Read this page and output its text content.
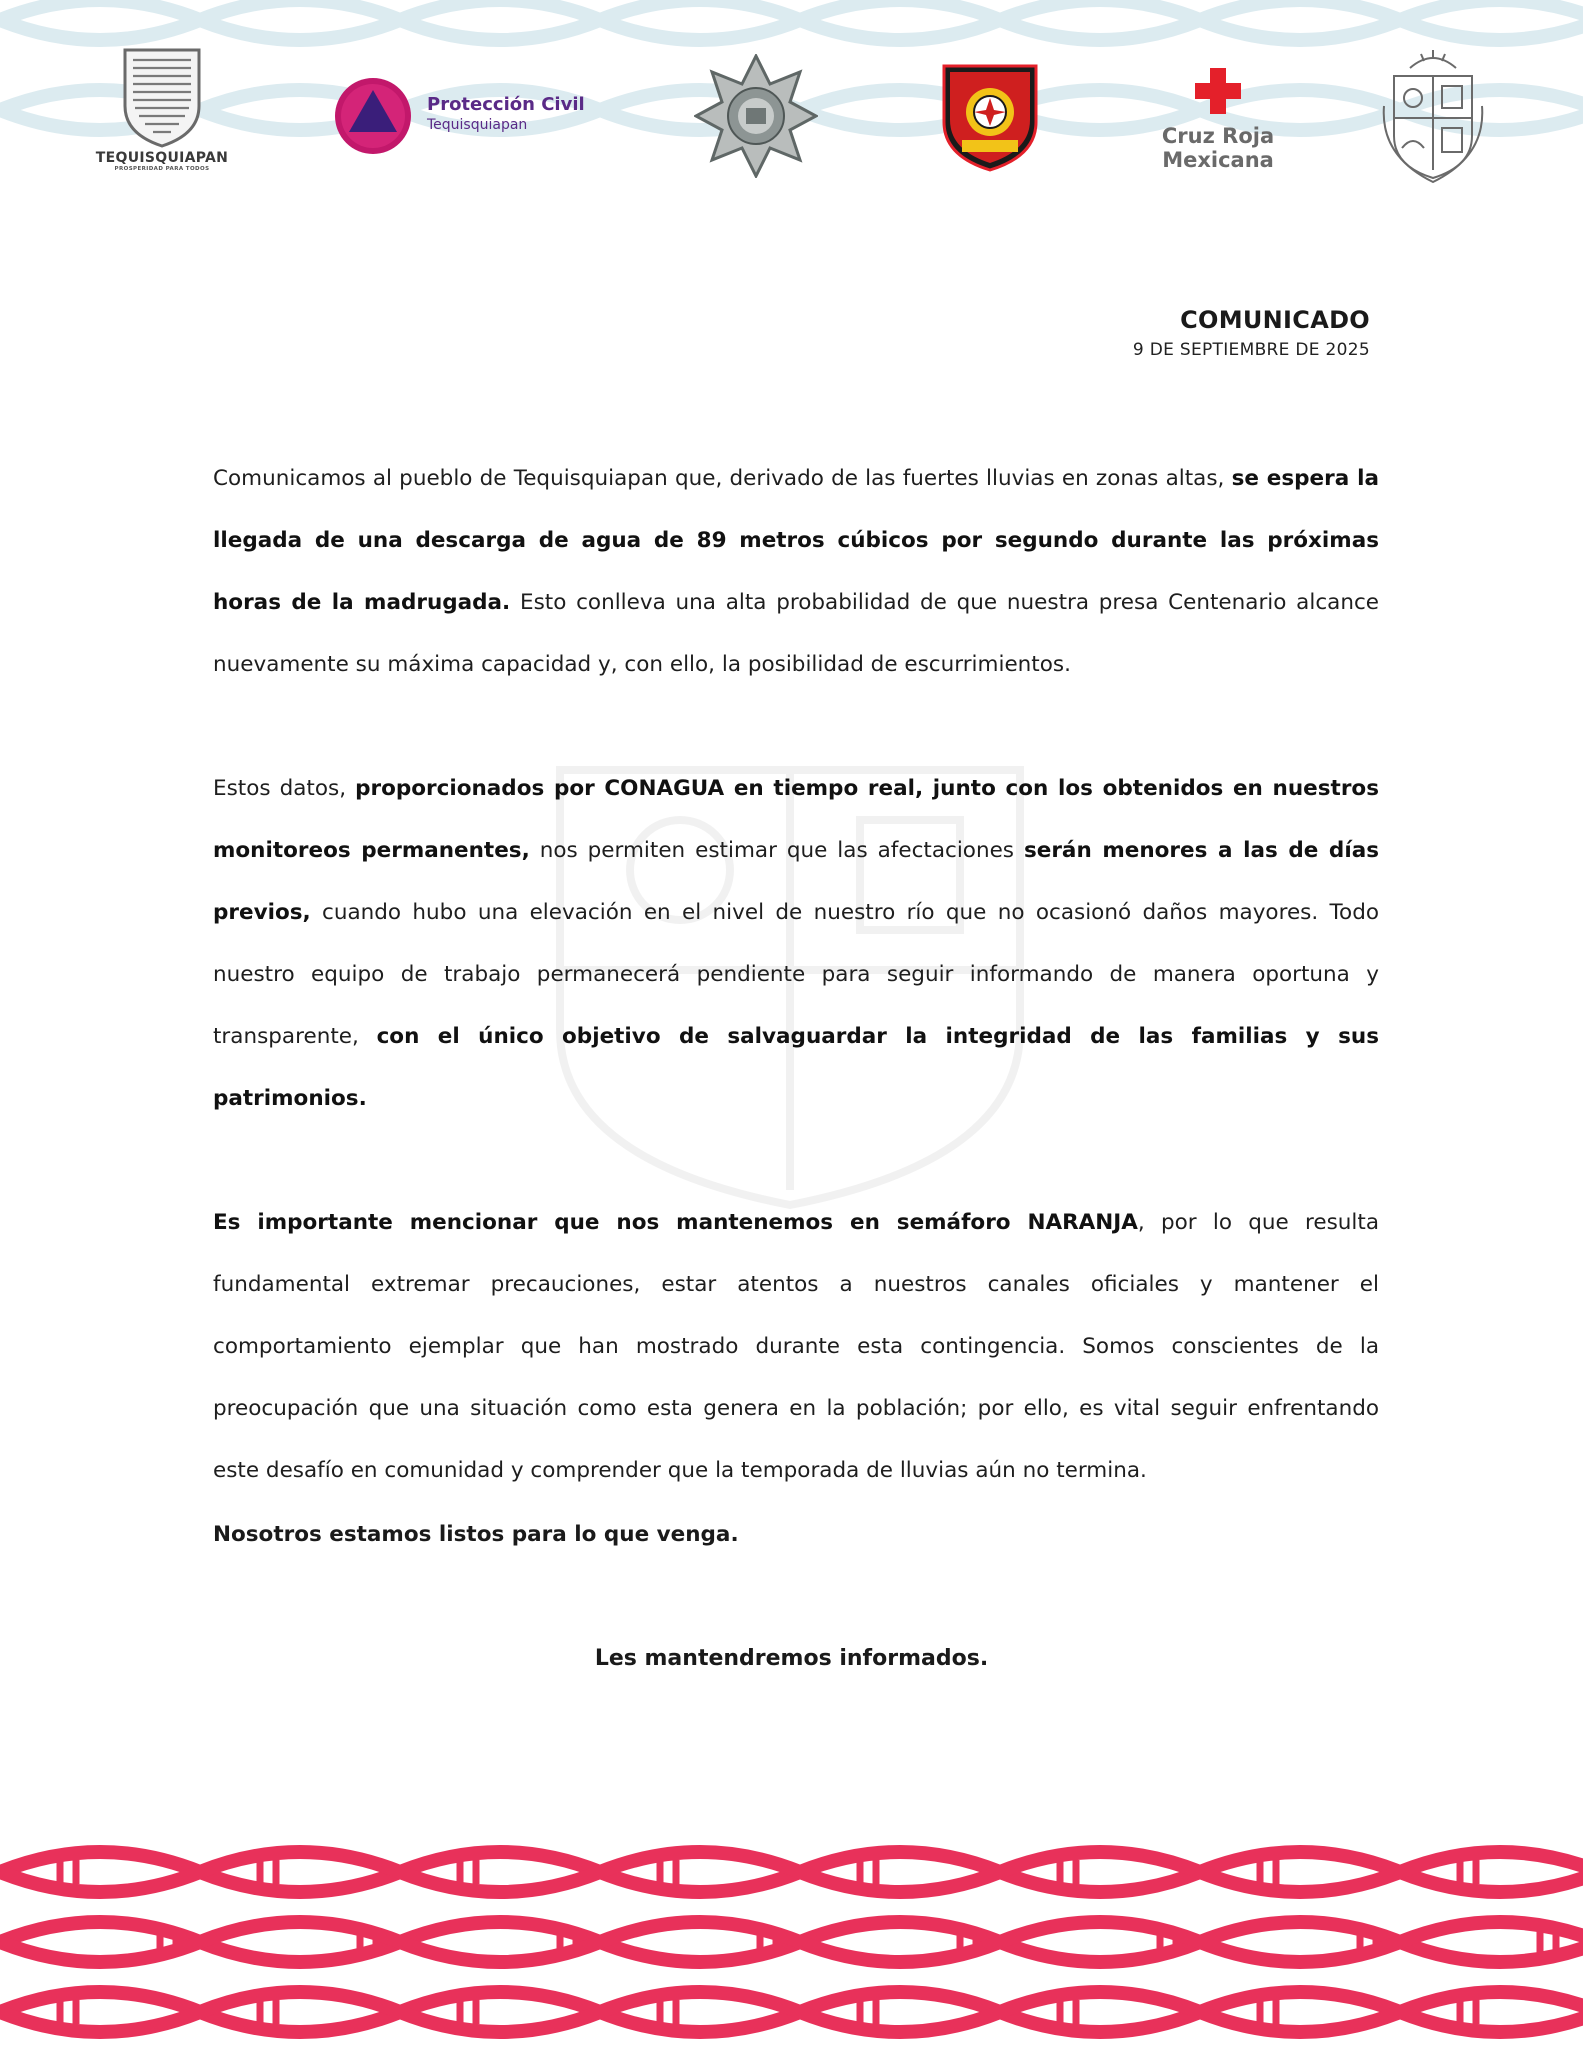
TEQUISQUIAPAN
PROSPERIDAD PARA TODOS
Protección Civil
Tequisquiapan	Cruz Roja
Mexicana
COMUNICADO
9 DE SEPTIEMBRE DE 2025
Comunicamos al pueblo de Tequisquiapan que, derivado de las fuertes lluvias en zonas altas, se espera la llegada de una descarga de agua de 89 metros cúbicos por segundo durante las próximas horas de la madrugada. Esto conlleva una alta probabilidad de que nuestra presa Centenario alcance nuevamente su máxima capacidad y, con ello, la posibilidad de escurrimientos.
Estos datos, proporcionados por CONAGUA en tiempo real, junto con los obtenidos en nuestros monitoreos permanentes, nos permiten estimar que las afectaciones serán menores a las de días previos, cuando hubo una elevación en el nivel de nuestro río que no ocasionó daños mayores. Todo nuestro equipo de trabajo permanecerá pendiente para seguir informando de manera oportuna y transparente, con el único objetivo de salvaguardar la integridad de las familias y sus patrimonios.
Es importante mencionar que nos mantenemos en semáforo NARANJA, por lo que resulta fundamental extremar precauciones, estar atentos a nuestros canales oficiales y mantener el comportamiento ejemplar que han mostrado durante esta contingencia. Somos conscientes de la preocupación que una situación como esta genera en la población; por ello, es vital seguir enfrentando este desafío en comunidad y comprender que la temporada de lluvias aún no termina.
Nosotros estamos listos para lo que venga.
Les mantendremos informados.
